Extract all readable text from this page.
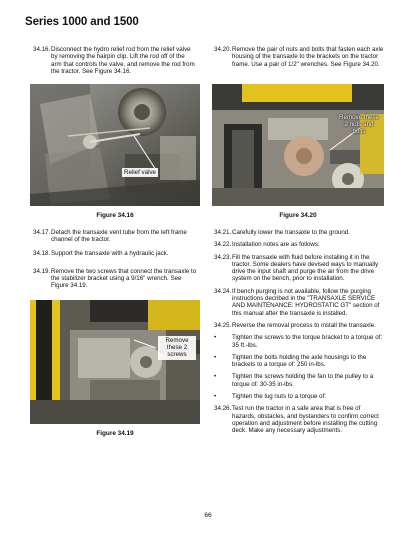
Series 1000 and 1500
34.16. Disconnect the hydro relief rod from the relief valve by removing the hairpin clip. Lift the rod off of the arm that controls the valve, and remove the rod from the tractor. See Figure 34.16.
34.20. Remove the pair of nuts and bolts that fasten each axle housing of the transaxle to the brackets on the tractor frame. Use a pair of 1/2" wrenches. See Figure 34.20.
Relief valve
Figure 34.16
Remove these 2 nuts and bolts
Figure 34.20
34.17. Detach the transaxle vent tube from the left frame channel of the tractor.
34.18. Support the transaxle with a hydraulic jack.
34.19. Remove the two screws that connect the transaxle to the stabilizer bracket using a 9/16" wrench. See Figure 34.19.
Remove these 2 screws
Figure 34.19
34.21. Carefully lower the transaxle to the ground.
34.22. Installation notes are as follows:
34.23. Fill the transaxle with fluid before installing it in the tractor. Some dealers have devised ways to manually drive the input shaft and purge the air from the drive system on the bench, prior to installation.
34.24. If bench purging is not available, follow the purging instructions decribed in the "TRANSAXLE SERVICE AND MAINTENANCE: HYDROSTATIC GT" section of this manual after the transaxle is installed.
34.25. Reverse the removal process to install the transaxle.
•	Tighten the screws to the torque bracket to a torque of: 35 ft.-lbs.
•	Tighten the bolts holding the axle housings to the brackets to a torque of: 250 in-lbs.
•	Tighten the screws holding the fan to the pulley to a torque of: 30-35 in-lbs.
•	Tighten the lug nuts to a torque of:
34.26. Test run the tractor in a safe area that is free of hazards, obstacles, and bystanders to confirm correct operation and adjustment before installing the cutting deck. Make any necessary adjustments.
66
